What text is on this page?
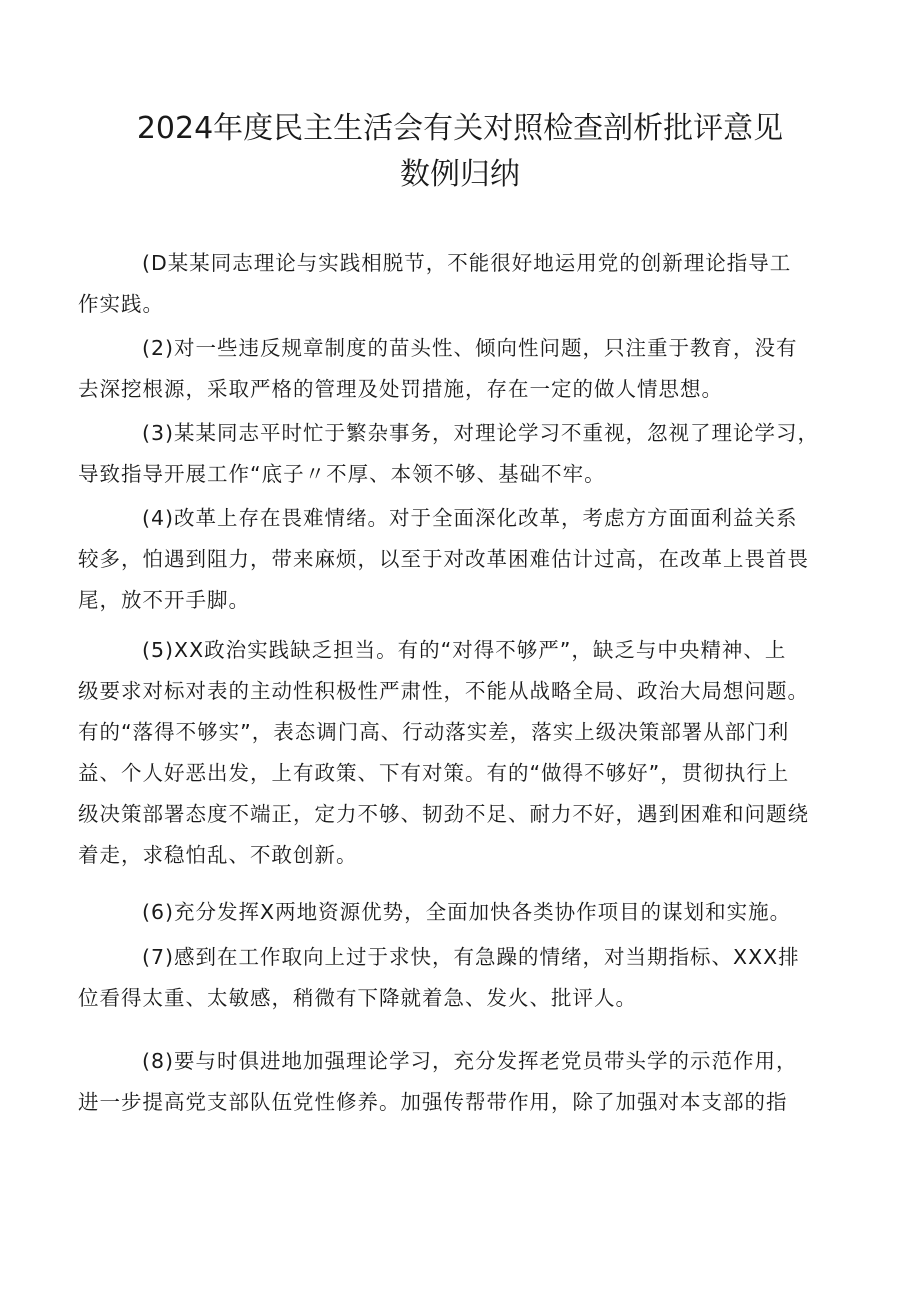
2024年度民主生活会有关对照检查剖析批评意见
数例归纳
(D某某同志理论与实践相脱节，不能很好地运用党的创新理论指导工
作实践。
(2)对一些违反规章制度的苗头性、倾向性问题，只注重于教育，没有
去深挖根源，采取严格的管理及处罚措施，存在一定的做人情思想。
(3)某某同志平时忙于繁杂事务，对理论学习不重视，忽视了理论学习，
导致指导开展工作“底子〃不厚、本领不够、基础不牢。
(4)改革上存在畏难情绪。对于全面深化改革，考虑方方面面利益关系
较多，怕遇到阻力，带来麻烦，以至于对改革困难估计过高，在改革上畏首畏
尾，放不开手脚。
(5)XX政治实践缺乏担当。有的“对得不够严”，缺乏与中央精神、上
级要求对标对表的主动性积极性严肃性，不能从战略全局、政治大局想问题。
有的“落得不够实”，表态调门高、行动落实差，落实上级决策部署从部门利
益、个人好恶出发，上有政策、下有对策。有的“做得不够好”，贯彻执行上
级决策部署态度不端正，定力不够、韧劲不足、耐力不好，遇到困难和问题绕
着走，求稳怕乱、不敢创新。
(6)充分发挥X两地资源优势，全面加快各类协作项目的谋划和实施。
(7)感到在工作取向上过于求快，有急躁的情绪，对当期指标、XXX排
位看得太重、太敏感，稍微有下降就着急、发火、批评人。
(8)要与时俱进地加强理论学习，充分发挥老党员带头学的示范作用，
进一步提高党支部队伍党性修养。加强传帮带作用，除了加强对本支部的指
